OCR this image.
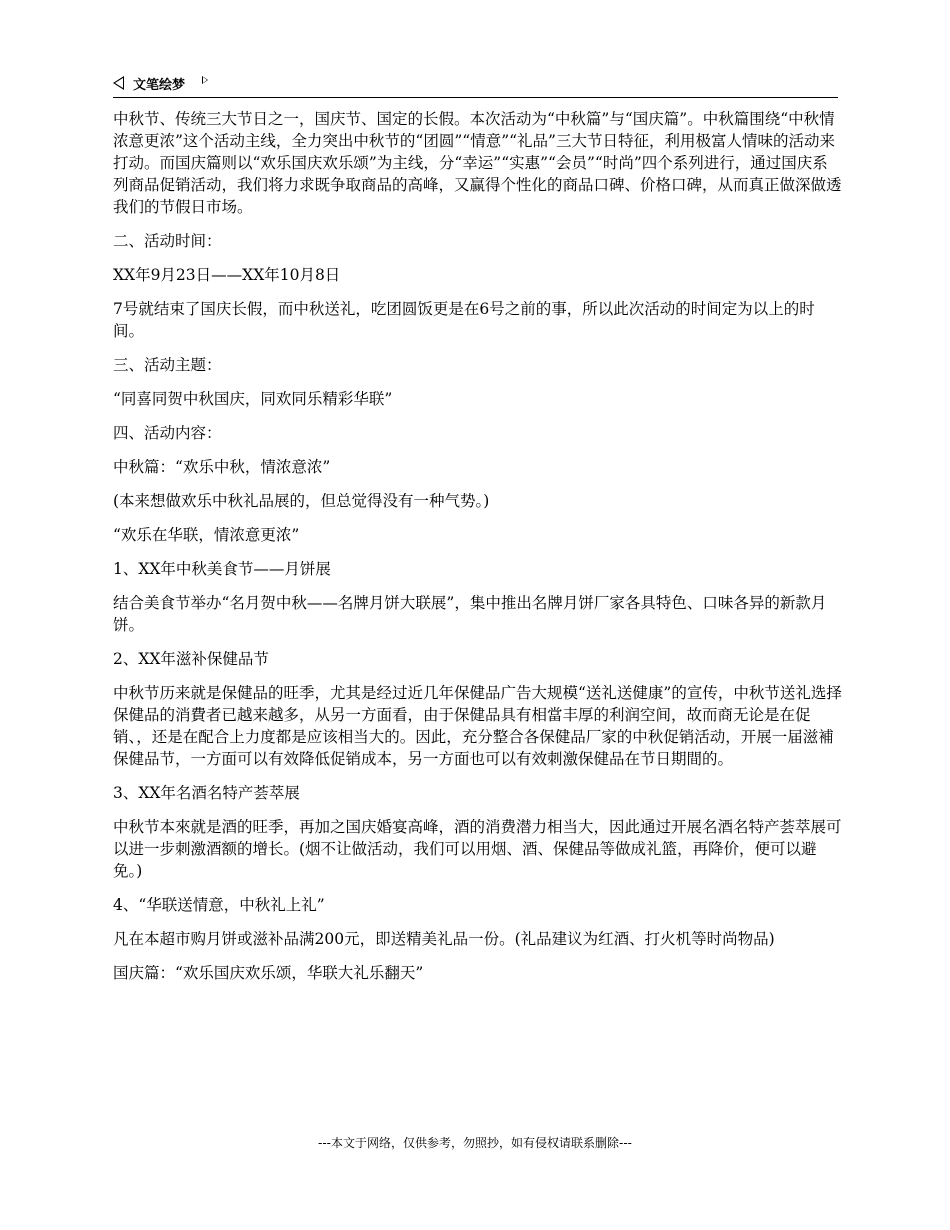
文笔绘梦

中秋节、传统三大节日之一，国庆节、国定的长假。本次活动为“中秋篇”与“国庆篇”。中秋篇围绕“中秋情浓意更浓”这个活动主线，全力突出中秋节的“团圆”“情意”“礼品”三大节日特征，利用极富人情味的活动来打动。而国庆篇则以“欢乐国庆欢乐颂”为主线，分“幸运”“实惠”“会员”“时尚”四个系列进行，通过国庆系列商品促销活动，我们将力求既争取商品的高峰，又赢得个性化的商品口碑、价格口碑，从而真正做深做透我们的节假日市场。

二、活动时间：

XX年9月23日——XX年10月8日

7号就结束了国庆长假，而中秋送礼，吃团圆饭更是在6号之前的事，所以此次活动的时间定为以上的时间。

三、活动主题：

“同喜同贺中秋国庆，同欢同乐精彩华联”

四、活动内容：

中秋篇：“欢乐中秋，情浓意浓”

(本来想做欢乐中秋礼品展的，但总觉得没有一种气势。)

“欢乐在华联，情浓意更浓”

1、XX年中秋美食节——月饼展

结合美食节举办“名月贺中秋——名牌月饼大联展”，集中推出名牌月饼厂家各具特色、口味各异的新款月饼。

2、XX年滋补保健品节

中秋节历来就是保健品的旺季，尤其是经过近几年保健品广告大规模“送礼送健康”的宣传，中秋节送礼选择保健品的消費者已越来越多，从另一方面看，由于保健品具有相當丰厚的利润空间，故而商无论是在促销、，还是在配合上力度都是应该相当大的。因此，充分整合各保健品厂家的中秋促销活动，开展一届滋補保健品节，一方面可以有效降低促销成本，另一方面也可以有效刺激保健品在节日期間的。

3、XX年名酒名特产荟萃展

中秋节本來就是酒的旺季，再加之国庆婚宴高峰，酒的消费潜力相当大，因此通过开展名酒名特产荟萃展可以进一步刺激酒额的增长。(烟不让做活动，我们可以用烟、酒、保健品等做成礼篮，再降价，便可以避免。)

4、“华联送情意，中秋礼上礼”

凡在本超市购月饼或滋补品满200元，即送精美礼品一份。(礼品建议为红酒、打火机等时尚物品)

国庆篇：“欢乐国庆欢乐颂，华联大礼乐翻天”

---本文于网络，仅供参考，勿照抄，如有侵权请联系删除---
